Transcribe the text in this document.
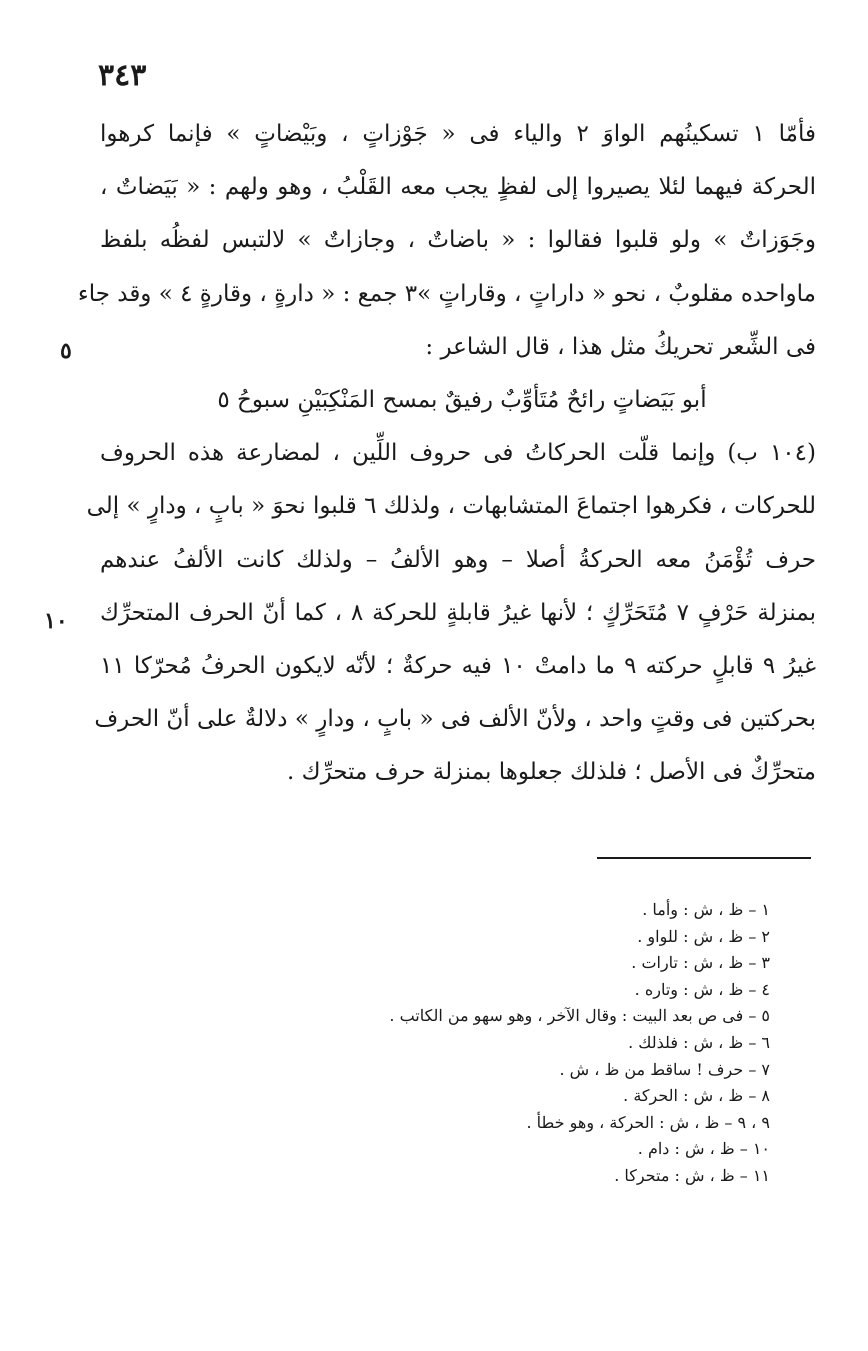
٣٤٣
فأمّا ١ تسكينُهم الواوَ ٢ والياء فى « جَوْزاتٍ ، وبَيْضاتٍ » فإنما كرهوا
الحركة فيهما لئلا يصيروا إلى لفظٍ يجب معه القَلْبُ ، وهو ولهم : « بَيَضاتٌ ،
وجَوَزاتٌ » ولو قلبوا فقالوا : « باضاتٌ ، وجازاتٌ » لالتبس لفظُه بلفظ
ماواحده مقلوبٌ ، نحو « داراتٍ ، وقاراتٍ »٣ جمع : « دارةٍ ، وقارةٍ ٤ » وقد جاء
فى الشِّعر تحريكُ مثل هذا ، قال الشاعر :
أبو بَيَضاتٍ رائحٌ مُتَأوِّبٌ رفيقٌ بمسح المَنْكِبَيْنِ سبوحُ ٥
(١٠٤ ب) وإنما قلّت الحركاتُ فى حروف اللِّين ، لمضارعة هذه الحروف
للحركات ، فكرهوا اجتماعَ المتشابهات ، ولذلك ٦ قلبوا نحوَ « بابٍ ، ودارٍ » إلى
حرف تُؤْمَنُ معه الحركةُ أصلا – وهو الألفُ – ولذلك كانت الألفُ عندهم
بمنزلة حَرْفٍ ٧ مُتَحَرِّكٍ ؛ لأنها غيرُ قابلةٍ للحركة ٨ ، كما أنّ الحرف المتحرِّك
غيرُ ٩ قابلٍ حركته ٩ ما دامتْ ١٠ فيه حركةٌ ؛ لأنّه لايكون الحرفُ مُحرّكا ١١
بحركتين فى وقتٍ واحد ، ولأنّ الألف فى « بابٍ ، ودارٍ » دلالةٌ على أنّ الحرف
متحرِّكٌ فى الأصل ؛ فلذلك جعلوها بمنزلة حرف متحرِّك .
٥
١٠
١ – ظ ، ش : وأما .
٢ – ظ ، ش : للواو .
٣ – ظ ، ش : تارات .
٤ – ظ ، ش : وتاره .
٥ – فى ص بعد البيت : وقال الآخر ، وهو سهو من الكاتب .
٦ – ظ ، ش : فلذلك .
٧ – حرف ! ساقط من ظ ، ش .
٨ – ظ ، ش : الحركة .
٩ ، ٩ – ظ ، ش : الحركة ، وهو خطأ .
١٠ – ظ ، ش : دام .
١١ – ظ ، ش : متحركا .
